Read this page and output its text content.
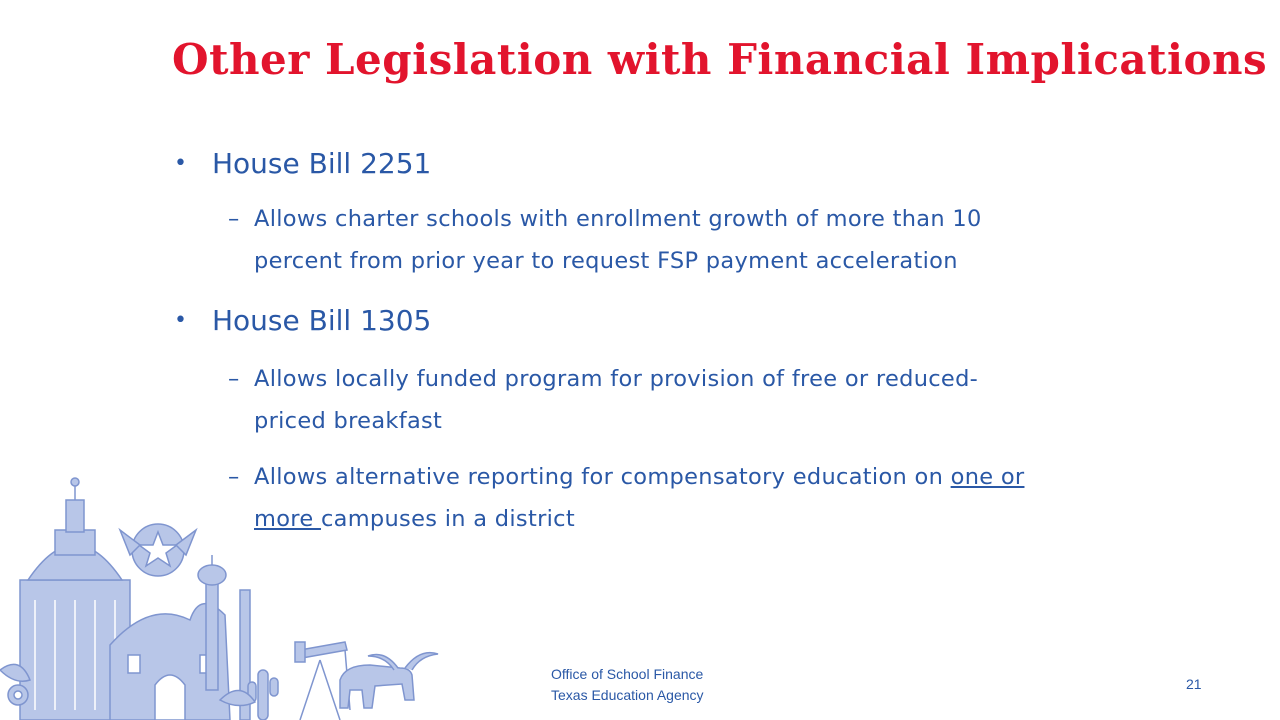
Other Legislation with Financial Implications
• House Bill 2251
– Allows charter schools with enrollment growth of more than 10
percent from prior year to request FSP payment acceleration
• House Bill 1305
– Allows locally funded program for provision of free or reduced-
priced breakfast
– Allows alternative reporting for compensatory education on one or
more campuses in a district
Office of School Finance
Texas Education Agency
21
